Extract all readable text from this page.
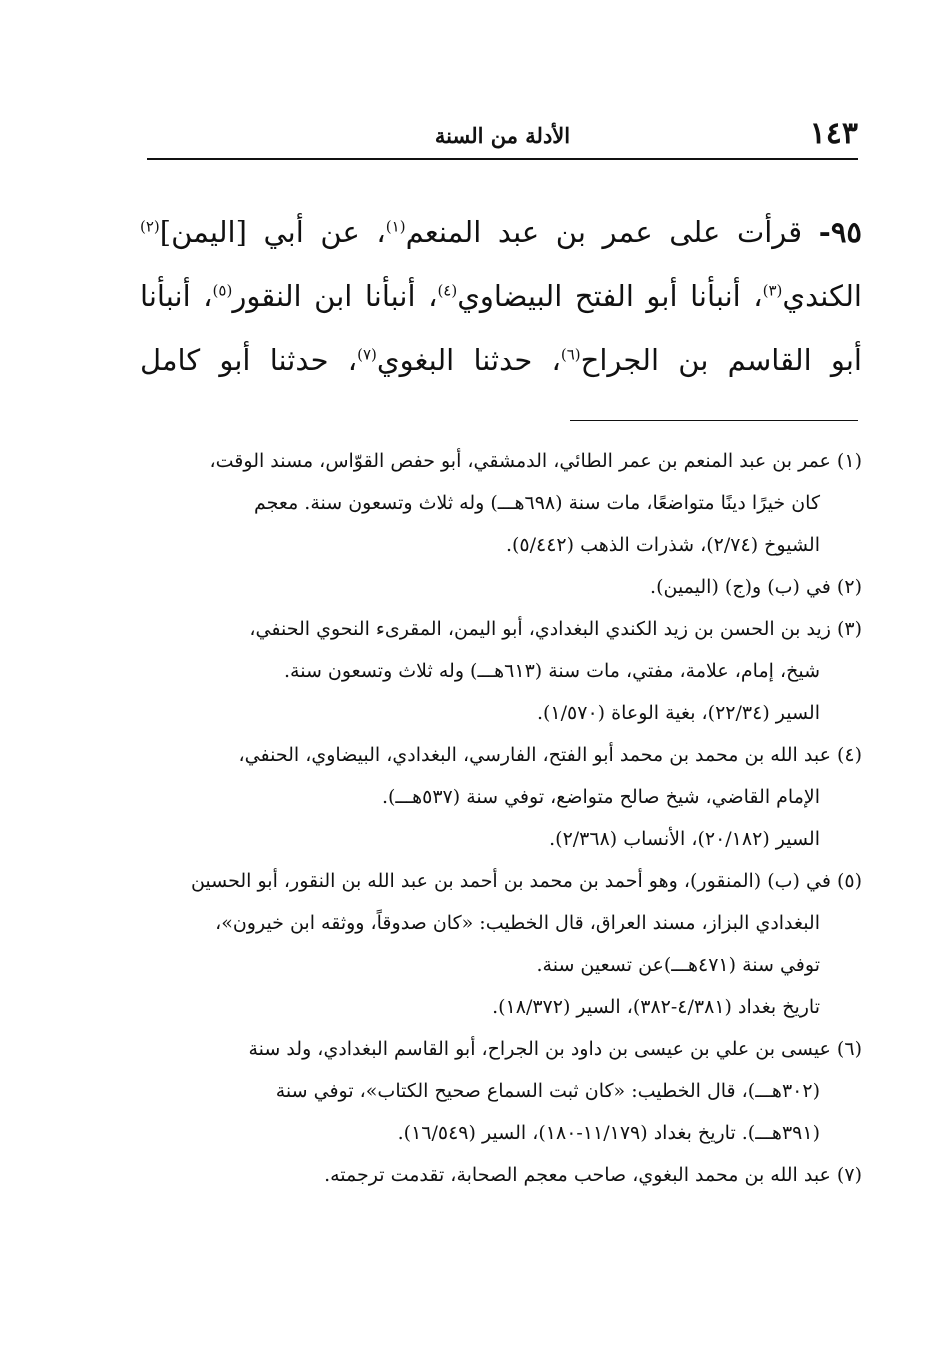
١٤٣
الأدلة من السنة
٩٥- قرأت على عمر بن عبد المنعم$^{(١)}$، عن أبي [اليمن]$^{(٢)}$
الكندي$^{(٣)}$، أنبأنا أبو الفتح البيضاوي$^{(٤)}$، أنبأنا ابن النقور$^{(٥)}$، أنبأنا
أبو القاسم بن الجراح$^{(٦)}$، حدثنا البغوي$^{(٧)}$، حدثنا أبو كامل
(١) عمر بن عبد المنعم بن عمر الطائي، الدمشقي، أبو حفص القوّاس، مسند الوقت،
كان خيرًا دينًا متواضعًا، مات سنة (٦٩٨هـــ) وله ثلاث وتسعون سنة. معجم
الشيوخ (٢/٧٤)، شذرات الذهب (٥/٤٤٢).
(٢) في (ب) و(ج) (اليمين).
(٣) زيد بن الحسن بن زيد الكندي البغدادي، أبو اليمن، المقرىء النحوي الحنفي،
شيخ، إمام، علامة، مفتي، مات سنة (٦١٣هـــ) وله ثلاث وتسعون سنة.
السير (٢٢/٣٤)، بغية الوعاة (١/٥٧٠).
(٤) عبد الله بن محمد بن محمد أبو الفتح، الفارسي، البغدادي، البيضاوي، الحنفي،
الإمام القاضي، شيخ صالح متواضع، توفي سنة (٥٣٧هـــ).
السير (٢٠/١٨٢)، الأنساب (٢/٣٦٨).
(٥) في (ب) (المنقور)، وهو أحمد بن محمد بن أحمد بن عبد الله بن النقور، أبو الحسين
البغدادي البزاز، مسند العراق، قال الخطيب: «كان صدوقاً، ووثقه ابن خيرون»،
توفي سنة (٤٧١هـــ)عن تسعين سنة.
تاريخ بغداد (٤/٣٨١-٣٨٢)، السير (١٨/٣٧٢).
(٦) عيسى بن علي بن عيسى بن داود بن الجراح، أبو القاسم البغدادي، ولد سنة
(٣٠٢هـــ)، قال الخطيب: «كان ثبت السماع صحيح الكتاب»، توفي سنة
(٣٩١هـــ). تاريخ بغداد (١١/١٧٩-١٨٠)، السير (١٦/٥٤٩).
(٧) عبد الله بن محمد البغوي، صاحب معجم الصحابة، تقدمت ترجمته.
